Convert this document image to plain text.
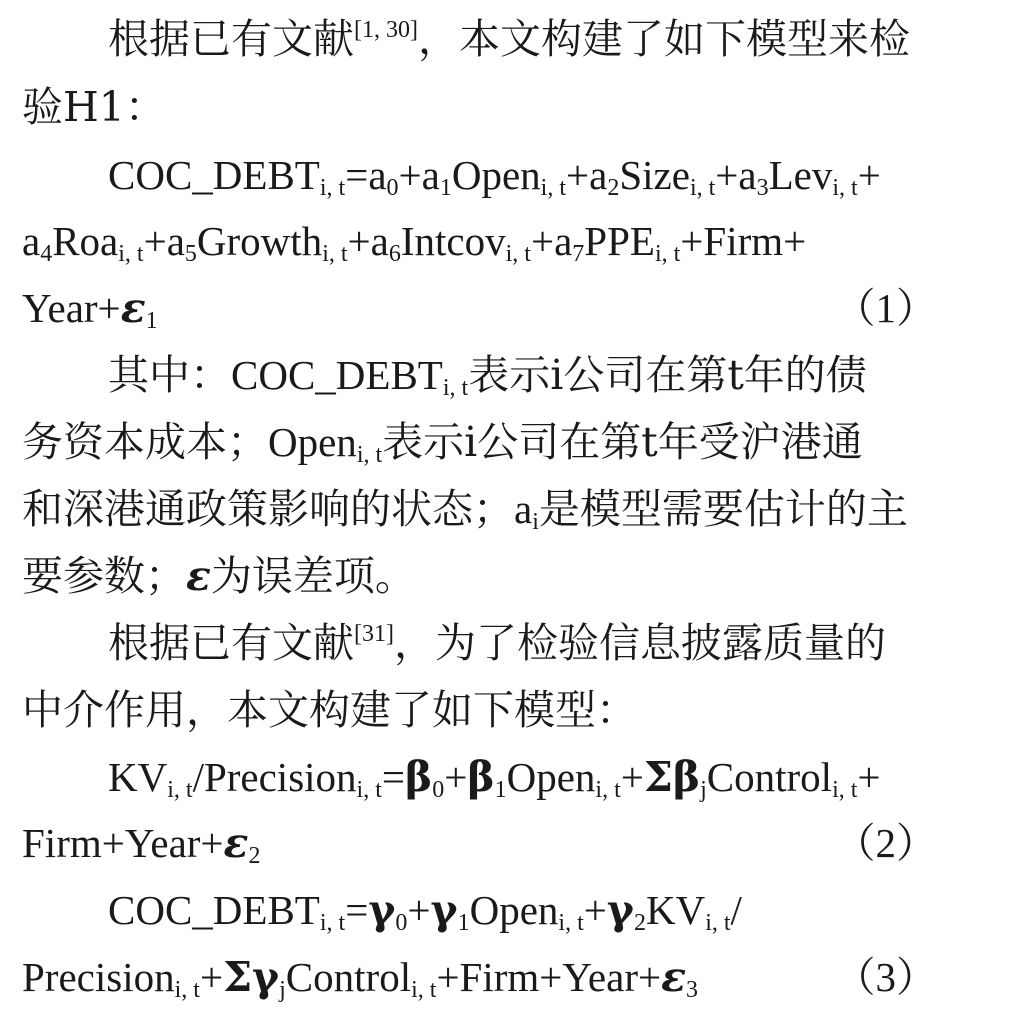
根据已有文献[1, 30]，本文构建了如下模型来检
验H1：
$COC\_DEBT_{i, t}=a_0+a_1Open_{i, t}+a_2Size_{i, t}+a_3Lev_{i, t}+$
$a_4Roa_{i, t}+a_5Growth_{i, t}+a_6Intcov_{i, t}+a_7PPE_{i, t}+Firm+$
$Year+\varepsilon_1$	（1）
其中：$COC\_DEBT_{i, t}$表示i公司在第t年的债
务资本成本；Open$_{i, t}$表示i公司在第t年受沪港通
和深港通政策影响的状态；$a_i$是模型需要估计的主
要参数；ε为误差项。
根据已有文献[31]，为了检验信息披露质量的
中介作用，本文构建了如下模型：
$KV_{i, t}/Precision_{i, t}=\beta_0+\beta_1Open_{i, t}+\Sigma\beta_jControl_{i, t}+$
$Firm+Year+\varepsilon_2$	（2）
$COC\_DEBT_{i, t}=\gamma_0+\gamma_1Open_{i, t}+\gamma_2KV_{i, t}/$
$Precision_{i, t}+\Sigma\gamma_jControl_{i, t}+Firm+Year+\varepsilon_3$	（3）
